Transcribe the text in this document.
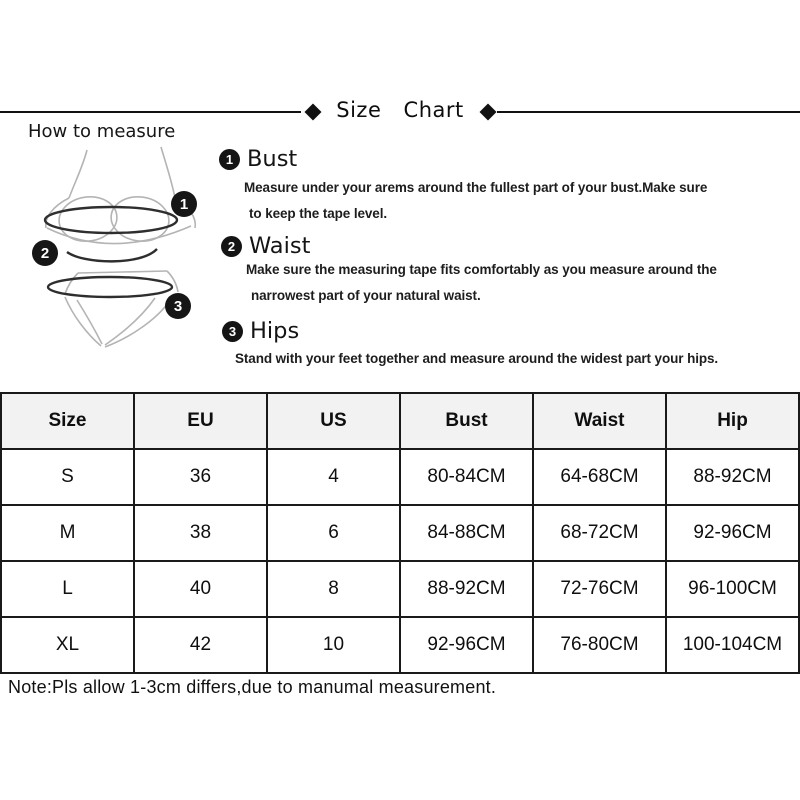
Size Chart
How to measure
1
2
3
1 Bust
Measure under your arems around the fullest part of your bust.Make sure
to keep the tape level.
2 Waist
Make sure the measuring tape fits comfortably as you measure around the
narrowest part of your natural waist.
3 Hips
Stand with your feet together and measure around the widest part your hips.
Size	EU	US	Bust	Waist	Hip
S	36	4	80-84CM	64-68CM	88-92CM
M	38	6	84-88CM	68-72CM	92-96CM
L	40	8	88-92CM	72-76CM	96-100CM
XL	42	10	92-96CM	76-80CM	100-104CM
Note:Pls allow 1-3cm differs,due to manumal measurement.
